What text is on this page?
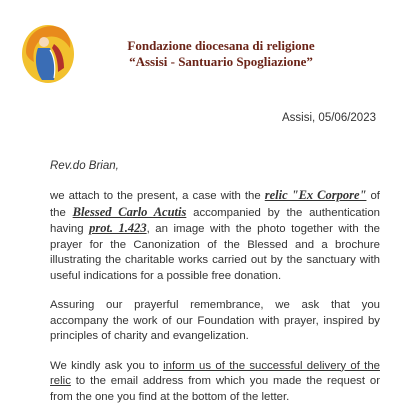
Fondazione diocesana di religione
“Assisi - Santuario Spogliazione”
Assisi, 05/06/2023
Rev.do Brian,

we attach to the present, a case with the relic "Ex Corpore" of the Blessed Carlo Acutis accompanied by the authentication having prot. 1.423, an image with the photo together with the prayer for the Canonization of the Blessed and a brochure illustrating the charitable works carried out by the sanctuary with useful indications for a possible free donation.

Assuring our prayerful remembrance, we ask that you accompany the work of our Foundation with prayer, inspired by principles of charity and evangelization.

We kindly ask you to inform us of the successful delivery of the relic to the email address from which you made the request or from the one you find at the bottom of the letter.
